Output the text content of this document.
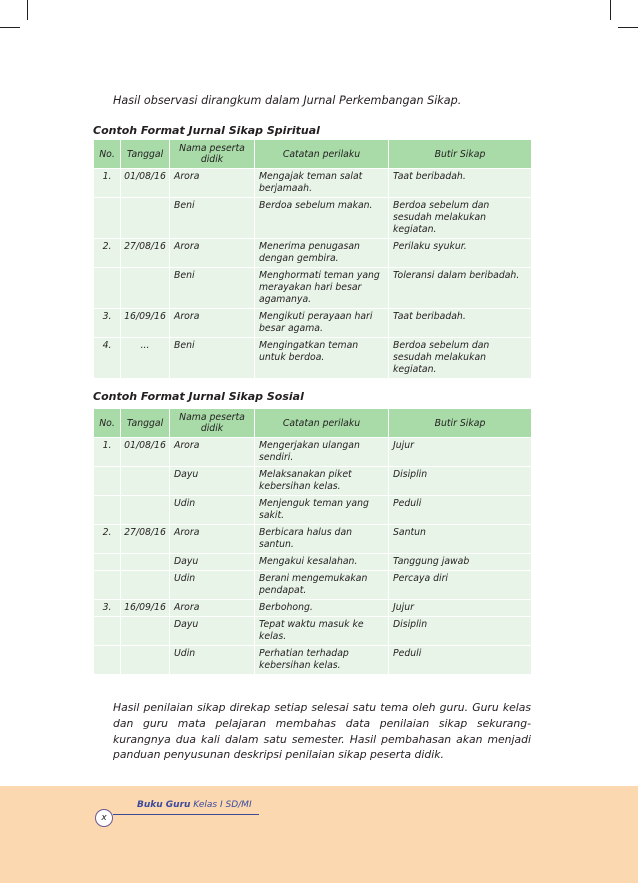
Hasil observasi dirangkum dalam Jurnal Perkembangan Sikap.

Contoh Format Jurnal Sikap Spiritual
No.	Tanggal	Nama peserta didik	Catatan perilaku	Butir Sikap
1.	01/08/16	Arora	Mengajak teman salat
berjamaah.	Taat beribadah.
		Beni	Berdoa sebelum makan.	Berdoa sebelum dan
sesudah melakukan
kegiatan.
2.	27/08/16	Arora	Menerima penugasan
dengan gembira.	Perilaku syukur.
		Beni	Menghormati teman yang
merayakan hari besar
agamanya.	Toleransi dalam beribadah.
3.	16/09/16	Arora	Mengikuti perayaan hari
besar agama.	Taat beribadah.
4.	...	Beni	Mengingatkan teman
untuk berdoa.	Berdoa sebelum dan
sesudah melakukan
kegiatan.
Contoh Format Jurnal Sikap Sosial
No.	Tanggal	Nama peserta didik	Catatan perilaku	Butir Sikap
1.	01/08/16	Arora	Mengerjakan ulangan
sendiri.	Jujur
		Dayu	Melaksanakan piket
kebersihan kelas.	Disiplin
		Udin	Menjenguk teman yang
sakit.	Peduli
2.	27/08/16	Arora	Berbicara halus dan
santun.	Santun
		Dayu	Mengakui kesalahan.	Tanggung jawab
		Udin	Berani mengemukakan
pendapat.	Percaya diri
3.	16/09/16	Arora	Berbohong.	Jujur
		Dayu	Tepat waktu masuk ke
kelas.	Disiplin
		Udin	Perhatian terhadap
kebersihan kelas.	Peduli

Hasil penilaian sikap direkap setiap selesai satu tema oleh guru. Guru kelas dan guru mata pelajaran membahas data penilaian sikap sekurang-kurangnya dua kali dalam satu semester. Hasil pembahasan akan menjadi panduan penyusunan deskripsi penilaian sikap peserta didik.

x
Buku Guru Kelas I SD/MI
